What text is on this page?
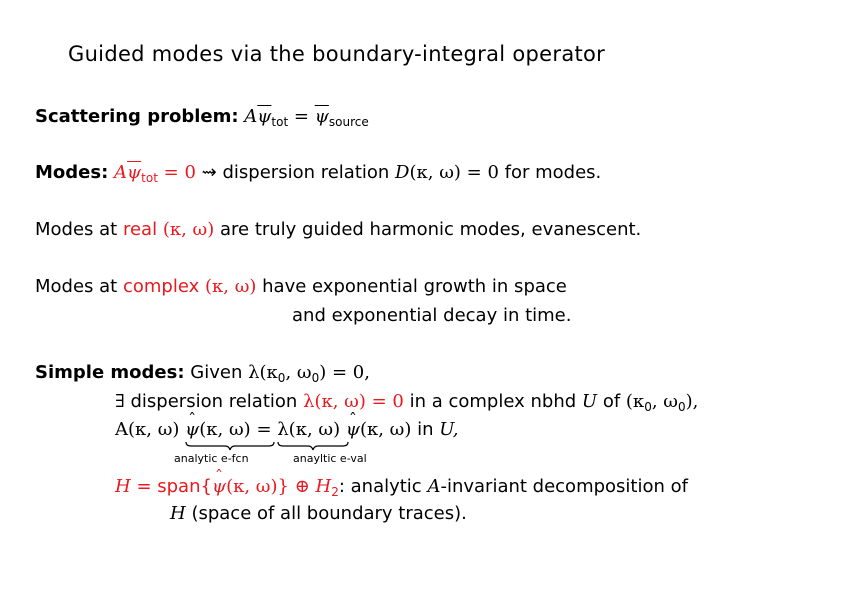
Guided modes via the boundary-integral operator
Scattering problem: $A\overline{\psi}_{tot} = \overline{\psi}_{source}$
Modes: $A\overline{\psi}_{tot} = 0$ ⇝ dispersion relation D(κ, ω) = 0 for modes.
Modes at real (κ, ω) are truly guided harmonic modes, evanescent.
Modes at complex (κ, ω) have exponential growth in space
and exponential decay in time.
Simple modes: Given $\lambda(\kappa_0$, $\omega_0) = 0$,
∃ dispersion relation λ(κ, ω) = 0 in a complex nbhd U of ($\kappa_0$, $\omega_0$),
A(κ, ω) ˆ ψ(κ, ω) = λ(κ, ω) ˆ ψ(κ, ω) in U,
analytic e-fcn	anayltic e-val
H = span{ˆ ψ(κ, ω)} ⊕ $H_2$: analytic A-invariant decomposition of
H (space of all boundary traces).
